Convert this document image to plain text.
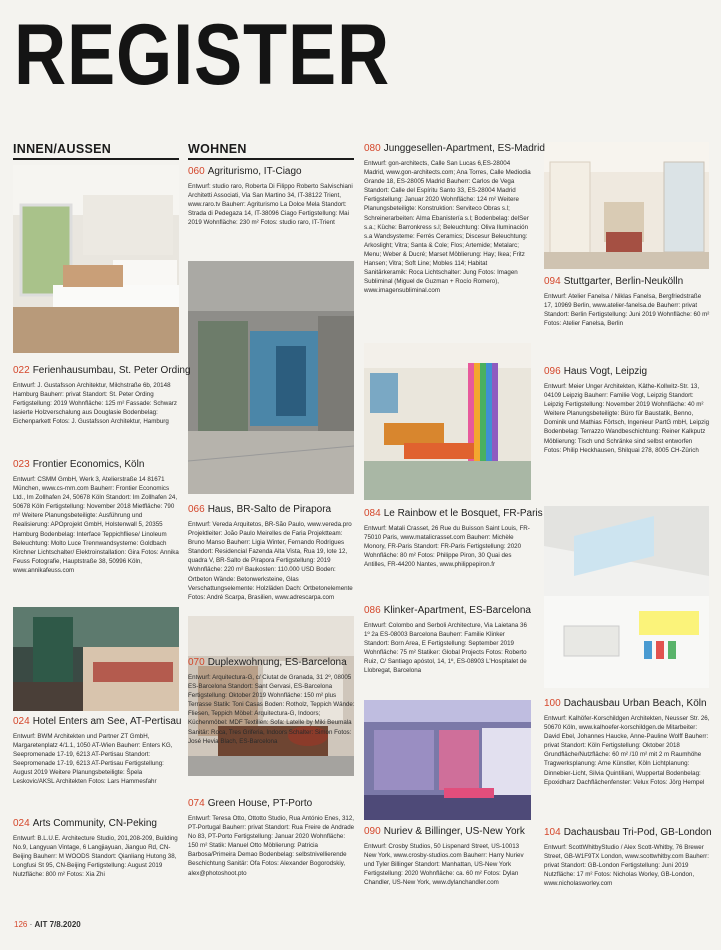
REGISTER
INNEN/AUSSEN	WOHNEN
022 Ferienhausumbau, St. Peter Ording
Entwurf: J. Gustafsson Architektur, Milchstraße 6b, 20148 Hamburg Bauherr: privat Standort: St. Peter Ording Fertigstellung: 2019 Wohnfläche: 125 m² Fassade: Schwarz lasierte Holzverschalung aus Douglasie Bodenbelag: Eichenparkett Fotos: J. Gustafsson Architektur, Hamburg
023 Frontier Economics, Köln
Entwurf: CSMM GmbH, Werk 3, Atelierstraße 14 81671 München, www.cs-mm.com Bauherr: Frontier Economics Ltd., Im Zollhafen 24, 50678 Köln Standort: Im Zollhafen 24, 50678 Köln Fertigstellung: November 2018 Mietfläche: 790 m² Weitere Planungsbeteiligte: Ausführung und Realisierung: APOprojekt GmbH, Holstenwall 5, 20355 Hamburg Bodenbelag: Interface Teppichfliese/ Linoleum Beleuchtung: Molto Luce Trennwandsysteme: Goldbach Kirchner Lichtschalter/ Elektroinstallation: Gira Fotos: Annika Feuss Fotografie, Hauptstraße 38, 50996 Köln, www.annikafeuss.com
024 Hotel Enters am See, AT-Pertisau
Entwurf: BWM Architekten und Partner ZT GmbH, Margaretenplatz 4/1.1, 1050 AT-Wien Bauherr: Enters KG, Seepromenade 17-19, 6213 AT-Pertisau Standort: Seepromenade 17-19, 6213 AT-Pertisau Fertigstellung: August 2019 Weitere Planungsbeteiligte: Špela Leskovic/AKSL Architekten Fotos: Lars Hammesfahr
024 Arts Community, CN-Peking
Entwurf: B.L.U.E. Architecture Studio, 201,208-209, Building No.9, Langyuan Vintage, 6 Langjiayuan, Jianguo Rd, CN-Beijing Bauherr: M WOODS Standort: Qianliang Hutong 38, Longfusi St 95, CN-Beijing Fertigstellung: August 2019 Nutzfläche: 800 m² Fotos: Xia Zhi
060 Agriturismo, IT-Ciago
Entwurf: studio raro, Roberta Di Filippo Roberto Salvischiani Architetti Associati, Via San Martino 34, IT-38122 Trient, www.raro.tv Bauherr: Agriturismo La Dolce Mela Standort: Strada di Pedegaza 14, IT-38096 Ciago Fertigstellung: Mai 2019 Wohnfläche: 230 m² Fotos: studio raro, IT-Trient
066 Haus, BR-Salto de Pirapora
Entwurf: Vereda Arquitetos, BR-São Paulo, www.vereda.pro Projektleiter: João Paulo Meirelles de Faria Projektteam: Bruno Manso Bauherr: Ligia Winter, Fernando Rodrigues Standort: Residencial Fazenda Alta Vista, Rua 19, lote 12, quadra V, BR-Salto de Pirapora Fertigstellung: 2019 Wohnfläche: 220 m² Baukosten: 110.000 USD Boden: Ortbeton Wände: Betonwerksteine, Glas Verschattungselemente: Holzläden Dach: Ortbetonelemente Fotos: André Scarpa, Brasilien, www.adrescarpa.com
070 Duplexwohnung, ES-Barcelona
Entwurf: Arquitectura-G, c/ Ciutat de Granada, 31 2º, 08005 ES-Barcelona Standort: Sant Gervasi, ES-Barcelona Fertigstellung: Oktober 2019 Wohnfläche: 150 m² plus Terrasse Statik: Toni Casas Boden: Rotholz, Teppich Wände: Fliesen, Teppich Möbel: Arquitectura-G, Indoors; Küchenmöbel: MDF Textilien: Sofa: Latelle by Miki Beumala Sanitär: Roca, Tres Griferia, Indoors Schalter: Simon Fotos: José Hevia Blach, ES-Barcelona
074 Green House, PT-Porto
Entwurf: Teresa Otto, Ottotto Studio, Rua António Enes, 312, PT-Portugal Bauherr: privat Standort: Rua Freire de Andrade No 83, PT-Porto Fertigstellung: Januar 2020 Wohnfläche: 150 m² Statik: Manuel Otto Möblierung: Patricia Barbosa/Primeira Demao Bodenbelag: selbstnivellierende Beschichtung Sanitär: Ofa Fotos: Alexander Bogorodskiy, alex@photoshoot.pto
080 Junggesellen-Apartment, ES-Madrid
Entwurf: gon-architects, Calle San Lucas 6,ES-28004 Madrid, www.gon-architects.com; Ana Torres, Calle Mediodia Grande 18, ES-28005 Madrid Bauherr: Carlos de Vega Standort: Calle del Espíritu Santo 33, ES-28004 Madrid Fertigstellung: Januar 2020 Wohnfläche: 124 m² Weitere Planungsbeteiligte: Konstruktion: Serviteco Obras s.l; Schreinerarbeiten: Alma Ebanistería s.l; Bodenbelag: delSer s.a.; Küche: Barronkress s.l; Beleuchtung: Oliva Iluminación s.a Wandsysteme: Ferrés Ceramics; Discesur Beleuchtung: Arkoslight; Vitra; Santa & Cole; Flos; Artemide; Metalarc; Menu; Weber & Ducré; Marset Möblierung: Hay; Ikea; Fritz Hansen; Vitra; Soft Line; Mobles 114; Habitat Sanitärkeramik: Roca Lichtschalter: Jung Fotos: Imagen Subliminal (Miguel de Guzman + Rocío Romero), www.imagensubliminal.com
084 Le Rainbow et le Bosquet, FR-Paris
Entwurf: Matali Crasset, 26 Rue du Buisson Saint Louis, FR-75010 Paris, www.matalicrasset.com Bauherr: Michèle Monory, FR-Paris Standort: FR-Paris Fertigstellung: 2020 Wohnfläche: 80 m² Fotos: Philippe Piron, 30 Quai des Antilles, FR-44200 Nantes, www.philippepiron.fr
086 Klinker-Apartment, ES-Barcelona
Entwurf: Colombo and Serboli Architecture, Via Laietana 36 1º 2a ES-08003 Barcelona Bauherr: Familie Klinker Standort: Born Area, E Fertigstellung: September 2019 Wohnfläche: 75 m² Statiker: Global Projects Fotos: Roberto Ruiz, C/ Santiago apóstol, 14, 1º, ES-08903 L'Hospitalet de Llobregat, Barcelona
090 Nuriev & Billinger, US-New York
Entwurf: Crosby Studios, 50 Lispenard Street, US-10013 New York, www.crosby-studios.com Bauherr: Harry Nuriev und Tyler Billinger Standort: Manhattan, US-New York Fertigstellung: 2020 Wohnfläche: ca. 60 m² Fotos: Dylan Chandler, US-New York, www.dylanchandler.com
094 Stuttgarter, Berlin-Neukölln
Entwurf: Atelier Fanelsa / Niklas Fanelsa, Bergfriedstraße 17, 10969 Berlin, www.atelier-fanelsa.de Bauherr: privat Standort: Berlin Fertigstellung: Juni 2019 Wohnfläche: 60 m² Fotos: Atelier Fanelsa, Berlin
096 Haus Vogt, Leipzig
Entwurf: Meier Unger Architekten, Käthe-Kollwitz-Str. 13, 04109 Leipzig Bauherr: Familie Vogt, Leipzig Standort: Leipzig Fertigstellung: November 2019 Wohnfläche: 40 m² Weitere Planungsbeteiligte: Büro für Baustatik, Benno, Dominik und Mathias Förtsch, Ingenieur PartG mbH, Leipzig Bodenbelag: Terrazzo Wandbeschichtung: Reiner Kalkputz Möblierung: Tisch und Schränke sind selbst entworfen Fotos: Philip Heckhausen, Shilquai 278, 8005 CH-Zürich
100 Dachausbau Urban Beach, Köln
Entwurf: Kalhöfer-Korschildgen Architekten, Neusser Str. 26, 50670 Köln, www.kalhoefer-korschildgen.de Mitarbeiter: David Ebel, Johannes Haucke, Anne-Pauline Wolff Bauherr: privat Standort: Köln Fertigstellung: Oktober 2018 Grundfläche/Nutzfläche: 60 m² /10 m² mit 2 m Raumhöhe Tragwerksplanung: Arne Künstler, Köln Lichtplanung: Dinnebier-Licht, Silvia Quintiliani, Wuppertal Bodenbelag: Epoxidharz Dachflächenfenster: Velux Fotos: Jörg Hempel
104 Dachausbau Tri-Pod, GB-London
Entwurf: ScottWhitbyStudio / Alex Scott-Whitby, 76 Brewer Street, GB-W1F9TX London, www.scottwhitby.com Bauherr: privat Standort: GB-London Fertigstellung: Juni 2019 Nutzfläche: 17 m² Fotos: Nicholas Worley, GB-London, www.nicholasworley.com
126 · AIT 7/8.2020
